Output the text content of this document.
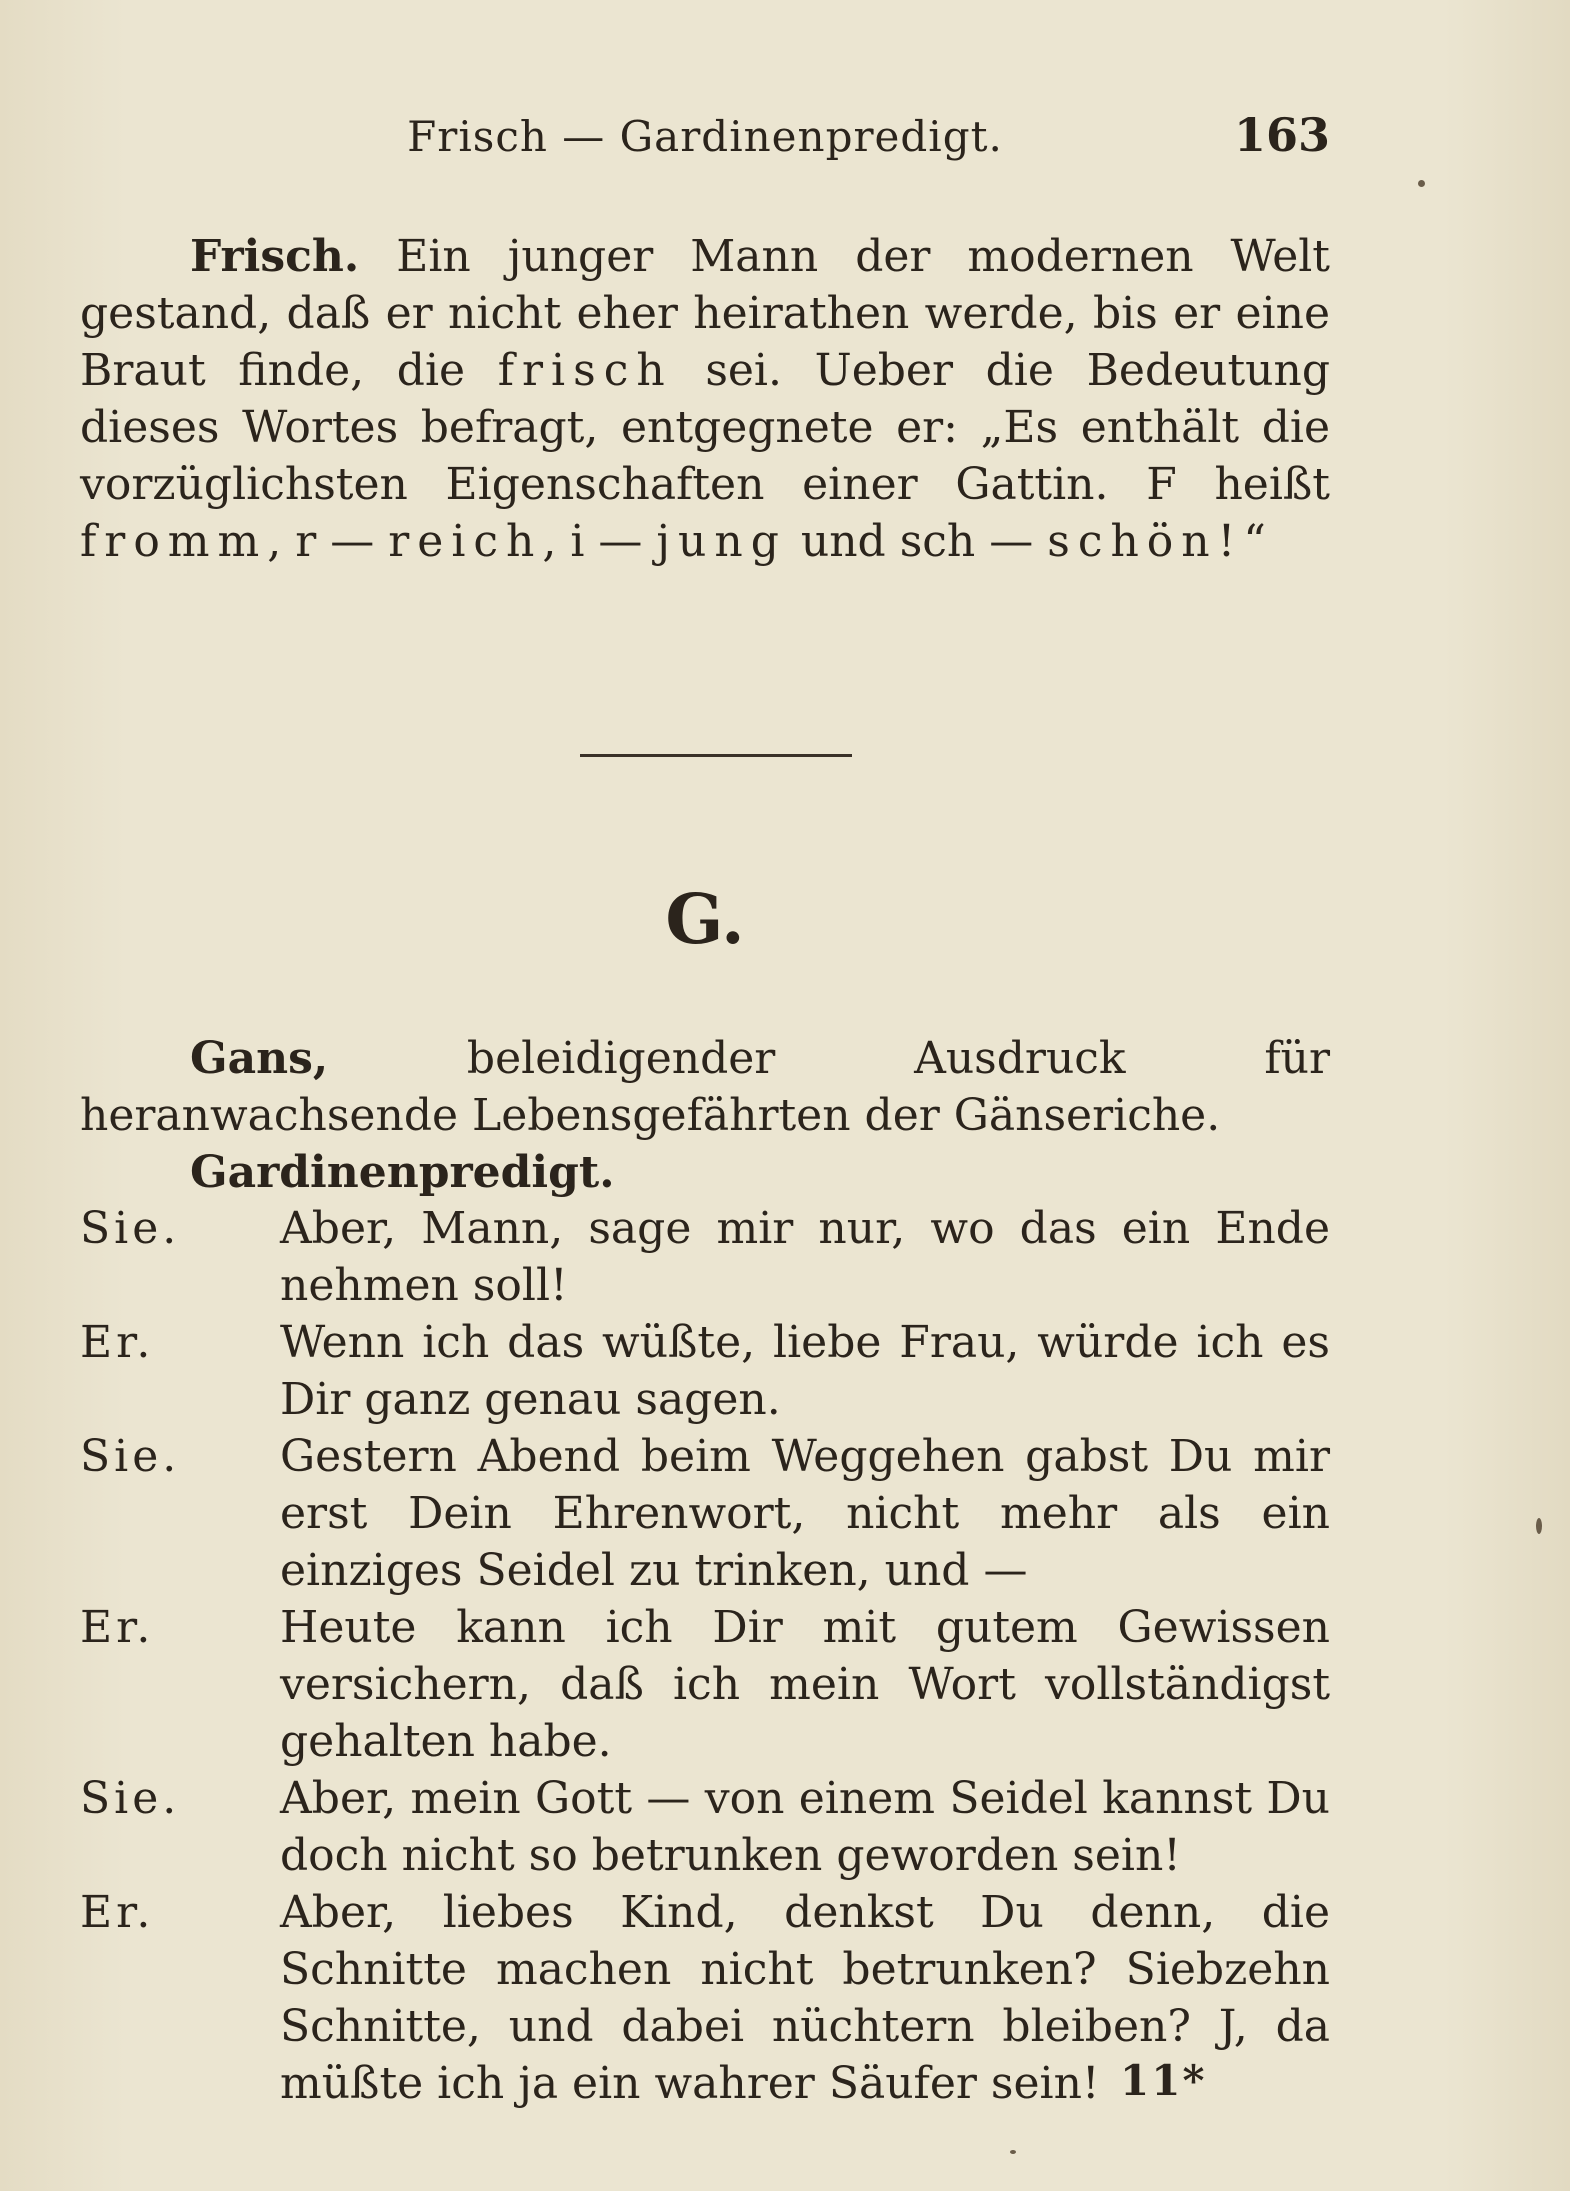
Frisch — Gardinenpredigt.	163
Frisch. Ein junger Mann der modernen Welt gestand, daß er nicht eher heirathen werde, bis er eine Braut finde, die frisch sei. Ueber die Bedeutung dieses Wortes befragt, entgegnete er: „Es enthält die vorzüglichsten Eigenschaften einer Gattin. F heißt fromm, r — reich, i — jung und sch — schön!“
G.
Gans, beleidigender Ausdruck für heranwachsende Lebensgefährten der Gänseriche.
Gardinenpredigt.
Sie.	Aber, Mann, sage mir nur, wo das ein Ende nehmen soll!
Er.	Wenn ich das wüßte, liebe Frau, würde ich es Dir ganz genau sagen.
Sie.	Gestern Abend beim Weggehen gabst Du mir erst Dein Ehrenwort, nicht mehr als ein einziges Seidel zu trinken, und —
Er.	Heute kann ich Dir mit gutem Gewissen versichern, daß ich mein Wort vollständigst gehalten habe.
Sie.	Aber, mein Gott — von einem Seidel kannst Du doch nicht so betrunken geworden sein!
Er.	Aber, liebes Kind, denkst Du denn, die Schnitte machen nicht betrunken? Siebzehn Schnitte, und dabei nüchtern bleiben? J, da müßte ich ja ein wahrer Säufer sein! 11*
